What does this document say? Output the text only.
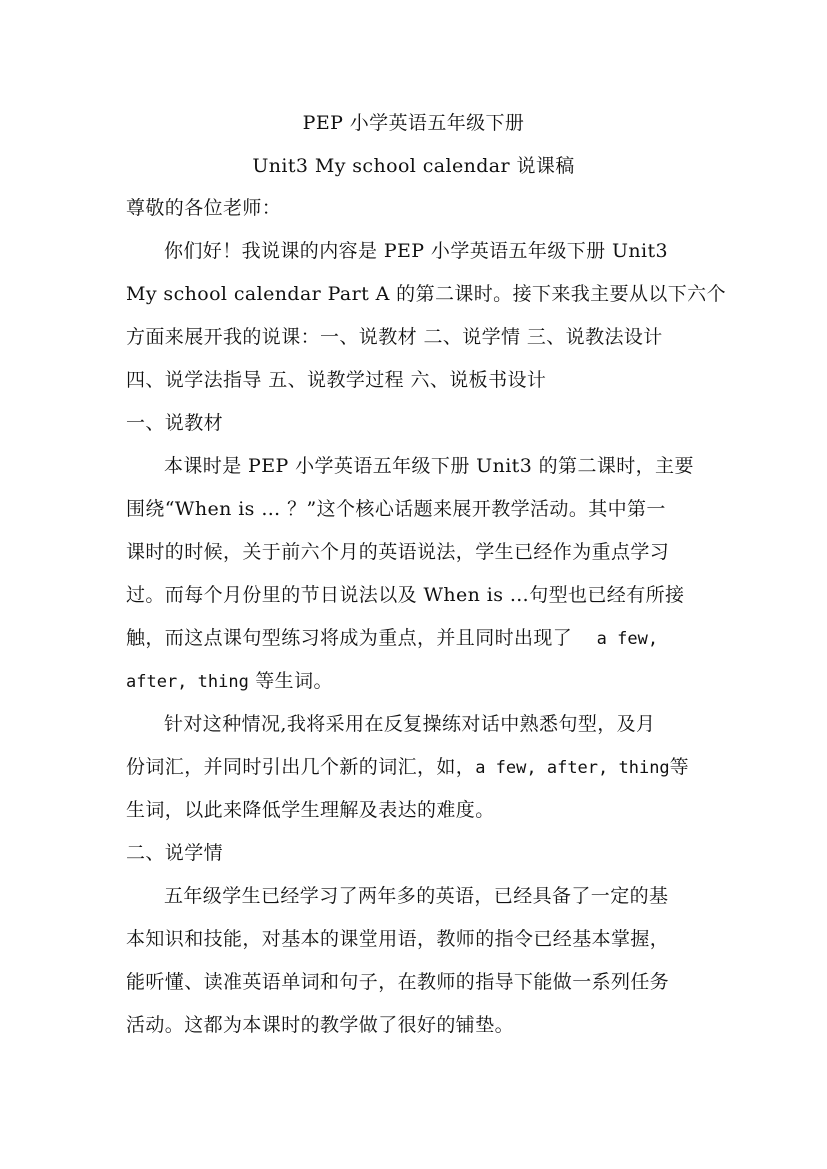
PEP 小学英语五年级下册
Unit3 My school calendar 说课稿
尊敬的各位老师：
你们好！我说课的内容是 PEP 小学英语五年级下册 Unit3
My school calendar Part A 的第二课时。接下来我主要从以下六个
方面来展开我的说课：一、说教材 二、说学情 三、说教法设计
四、说学法指导 五、说教学过程 六、说板书设计
一、说教材
本课时是 PEP 小学英语五年级下册 Unit3 的第二课时，主要
围绕“When is … ？”这个核心话题来展开教学活动。其中第一
课时的时候，关于前六个月的英语说法，学生已经作为重点学习
过。而每个月份里的节日说法以及 When is …句型也已经有所接
触，而这点课句型练习将成为重点，并且同时出现了 a few,
after, thing 等生词。
针对这种情况,我将采用在反复操练对话中熟悉句型，及月
份词汇，并同时引出几个新的词汇，如，a few, after, thing等
生词，以此来降低学生理解及表达的难度。
二、说学情
五年级学生已经学习了两年多的英语，已经具备了一定的基
本知识和技能，对基本的课堂用语，教师的指令已经基本掌握，
能听懂、读准英语单词和句子，在教师的指导下能做一系列任务
活动。这都为本课时的教学做了很好的铺垫。
